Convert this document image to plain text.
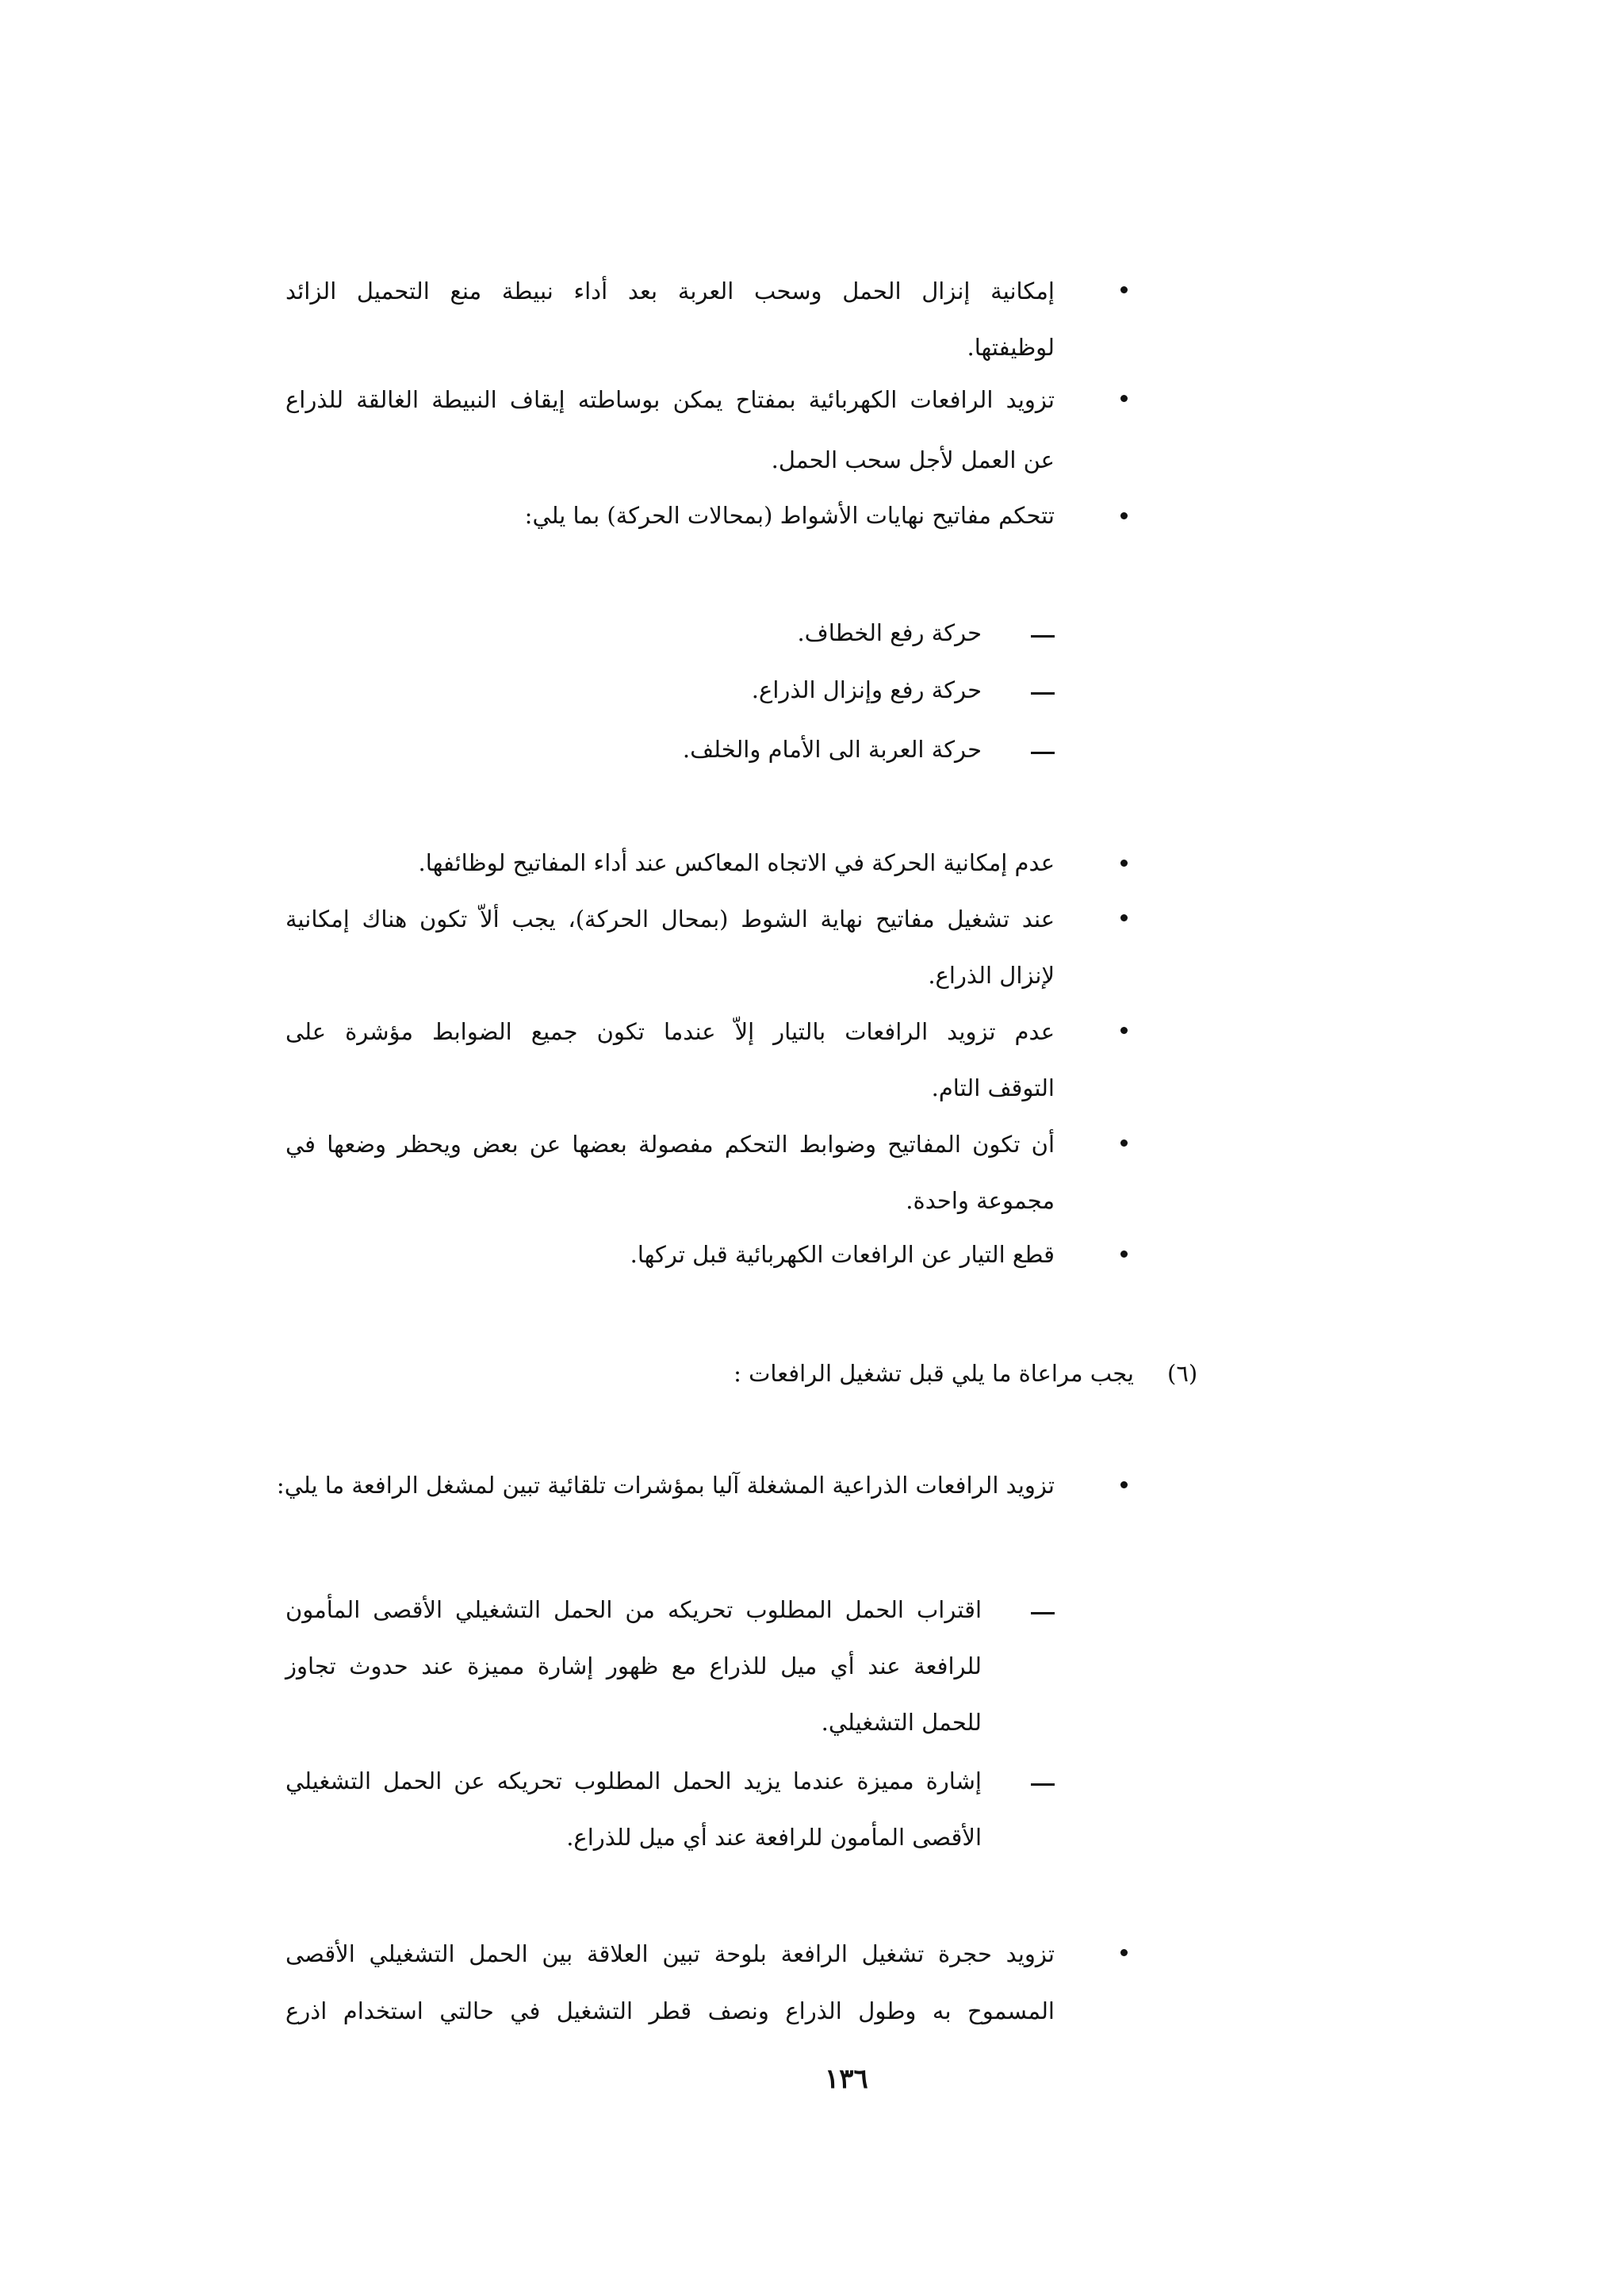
إمكانية إنزال الحمل وسحب العربة بعد أداء نبيطة منع التحميل الزائد
لوظيفتها.
تزويد الرافعات الكهربائية بمفتاح يمكن بوساطته إيقاف النبيطة الغالقة للذراع
عن العمل لأجل سحب الحمل.
تتحكم مفاتيح نهايات الأشواط (بمحالات الحركة) بما يلي:
حركة رفع الخطاف.
حركة رفع وإنزال الذراع.
حركة العربة الى الأمام والخلف.
عدم إمكانية الحركة في الاتجاه المعاكس عند أداء المفاتيح لوظائفها.
عند تشغيل مفاتيح نهاية الشوط (بمحال الحركة)، يجب ألاّ تكون هناك إمكانية
لإنزال الذراع.
عدم تزويد الرافعات بالتيار إلاّ عندما تكون جميع الضوابط مؤشرة على
التوقف التام.
أن تكون المفاتيح وضوابط التحكم مفصولة بعضها عن بعض ويحظر وضعها في
مجموعة واحدة.
قطع التيار عن الرافعات الكهربائية قبل تركها.
(٦)
يجب مراعاة ما يلي قبل تشغيل الرافعات :
تزويد الرافعات الذراعية المشغلة آليا بمؤشرات تلقائية تبين لمشغل الرافعة ما يلي:
اقتراب الحمل المطلوب تحريكه من الحمل التشغيلي الأقصى المأمون
للرافعة عند أي ميل للذراع مع ظهور إشارة مميزة عند حدوث تجاوز
للحمل التشغيلي.
إشارة مميزة عندما يزيد الحمل المطلوب تحريكه عن الحمل التشغيلي
الأقصى المأمون للرافعة عند أي ميل للذراع.
تزويد حجرة تشغيل الرافعة بلوحة تبين العلاقة بين الحمل التشغيلي الأقصى
المسموح به وطول الذراع ونصف قطر التشغيل في حالتي استخدام اذرع
١٣٦
